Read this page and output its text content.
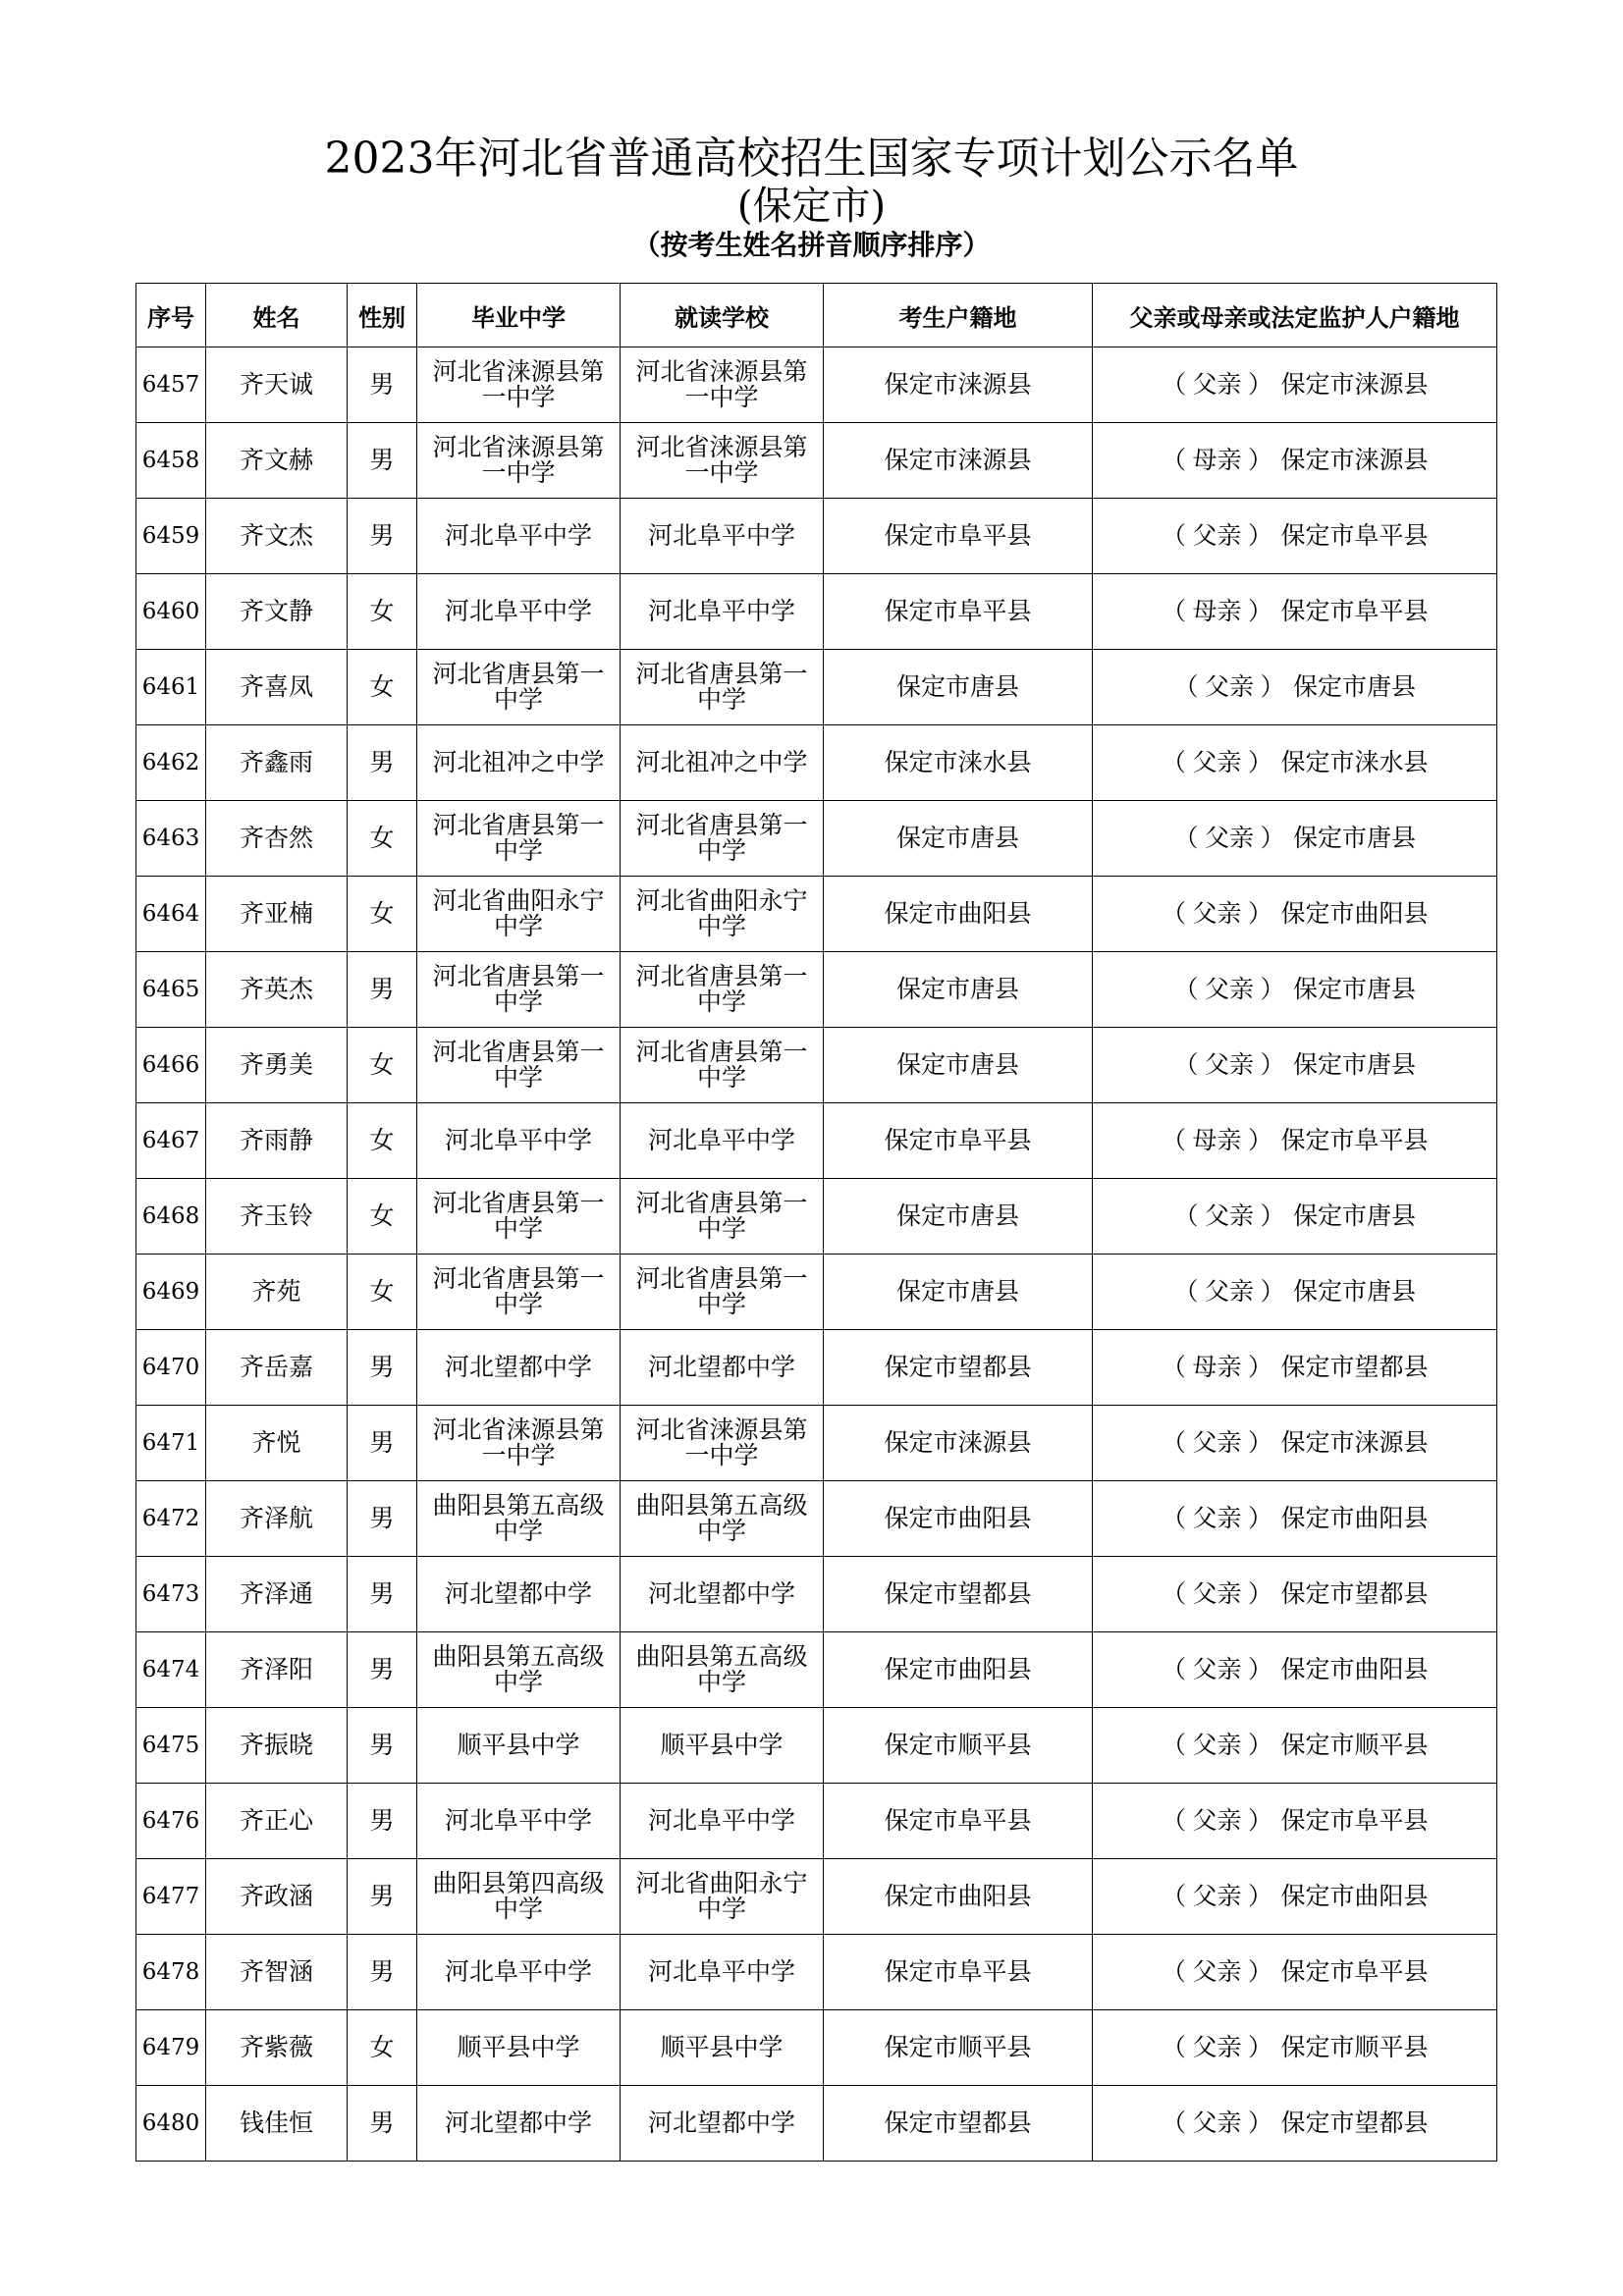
2023年河北省普通高校招生国家专项计划公示名单
(保定市)
（按考生姓名拼音顺序排序）
序号	姓名	性别	毕业中学	就读学校	考生户籍地	父亲或母亲或法定监护人户籍地
6457	齐天诚	男	河北省涞源县第一中学	河北省涞源县第一中学	保定市涞源县	（ 父亲 ） 保定市涞源县
6458	齐文赫	男	河北省涞源县第一中学	河北省涞源县第一中学	保定市涞源县	（ 母亲 ） 保定市涞源县
6459	齐文杰	男	河北阜平中学	河北阜平中学	保定市阜平县	（ 父亲 ） 保定市阜平县
6460	齐文静	女	河北阜平中学	河北阜平中学	保定市阜平县	（ 母亲 ） 保定市阜平县
6461	齐喜凤	女	河北省唐县第一中学	河北省唐县第一中学	保定市唐县	（ 父亲 ） 保定市唐县
6462	齐鑫雨	男	河北祖冲之中学	河北祖冲之中学	保定市涞水县	（ 父亲 ） 保定市涞水县
6463	齐杏然	女	河北省唐县第一中学	河北省唐县第一中学	保定市唐县	（ 父亲 ） 保定市唐县
6464	齐亚楠	女	河北省曲阳永宁中学	河北省曲阳永宁中学	保定市曲阳县	（ 父亲 ） 保定市曲阳县
6465	齐英杰	男	河北省唐县第一中学	河北省唐县第一中学	保定市唐县	（ 父亲 ） 保定市唐县
6466	齐勇美	女	河北省唐县第一中学	河北省唐县第一中学	保定市唐县	（ 父亲 ） 保定市唐县
6467	齐雨静	女	河北阜平中学	河北阜平中学	保定市阜平县	（ 母亲 ） 保定市阜平县
6468	齐玉铃	女	河北省唐县第一中学	河北省唐县第一中学	保定市唐县	（ 父亲 ） 保定市唐县
6469	齐苑	女	河北省唐县第一中学	河北省唐县第一中学	保定市唐县	（ 父亲 ） 保定市唐县
6470	齐岳嘉	男	河北望都中学	河北望都中学	保定市望都县	（ 母亲 ） 保定市望都县
6471	齐悦	男	河北省涞源县第一中学	河北省涞源县第一中学	保定市涞源县	（ 父亲 ） 保定市涞源县
6472	齐泽航	男	曲阳县第五高级中学	曲阳县第五高级中学	保定市曲阳县	（ 父亲 ） 保定市曲阳县
6473	齐泽通	男	河北望都中学	河北望都中学	保定市望都县	（ 父亲 ） 保定市望都县
6474	齐泽阳	男	曲阳县第五高级中学	曲阳县第五高级中学	保定市曲阳县	（ 父亲 ） 保定市曲阳县
6475	齐振晓	男	顺平县中学	顺平县中学	保定市顺平县	（ 父亲 ） 保定市顺平县
6476	齐正心	男	河北阜平中学	河北阜平中学	保定市阜平县	（ 父亲 ） 保定市阜平县
6477	齐政涵	男	曲阳县第四高级中学	河北省曲阳永宁中学	保定市曲阳县	（ 父亲 ） 保定市曲阳县
6478	齐智涵	男	河北阜平中学	河北阜平中学	保定市阜平县	（ 父亲 ） 保定市阜平县
6479	齐紫薇	女	顺平县中学	顺平县中学	保定市顺平县	（ 父亲 ） 保定市顺平县
6480	钱佳恒	男	河北望都中学	河北望都中学	保定市望都县	（ 父亲 ） 保定市望都县
